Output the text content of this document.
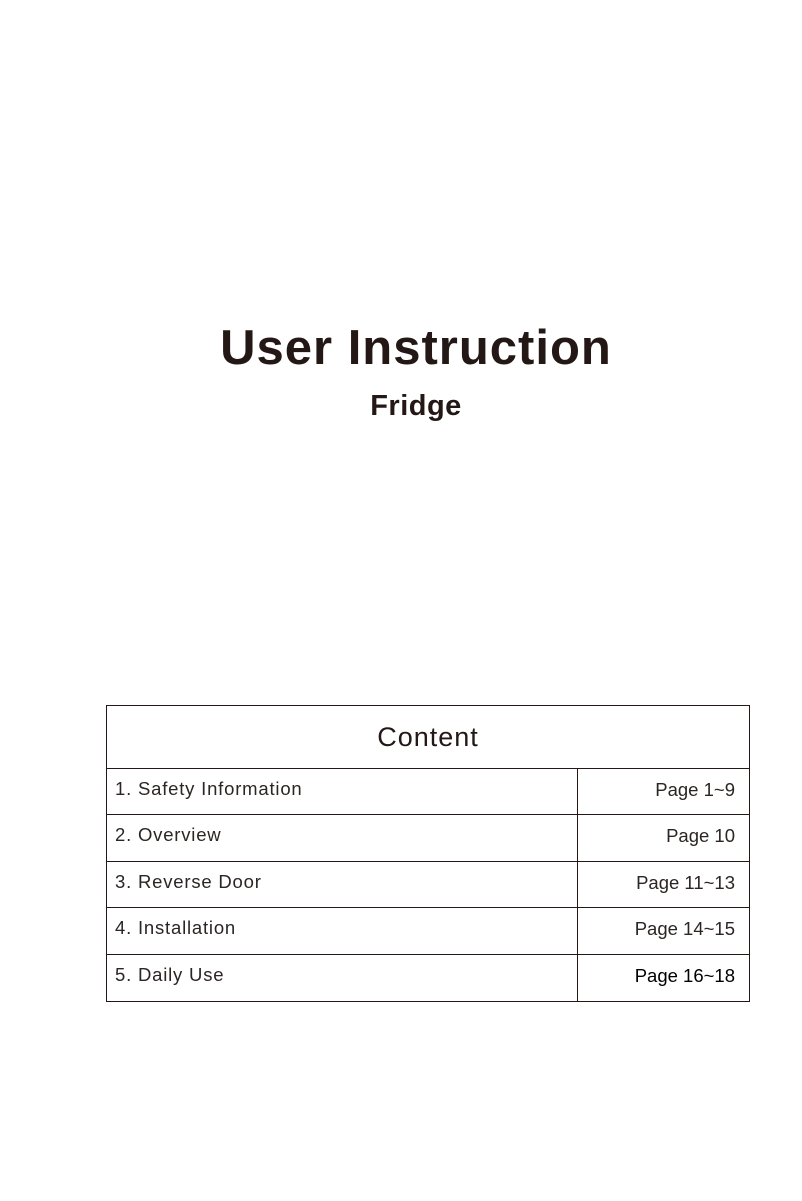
User Instruction
Fridge
Content
1. Safety Information	Page 1~9
2. Overview	Page 10
3. Reverse Door	Page 11~13
4. Installation	Page 14~15
5. Daily Use	Page 16~18
